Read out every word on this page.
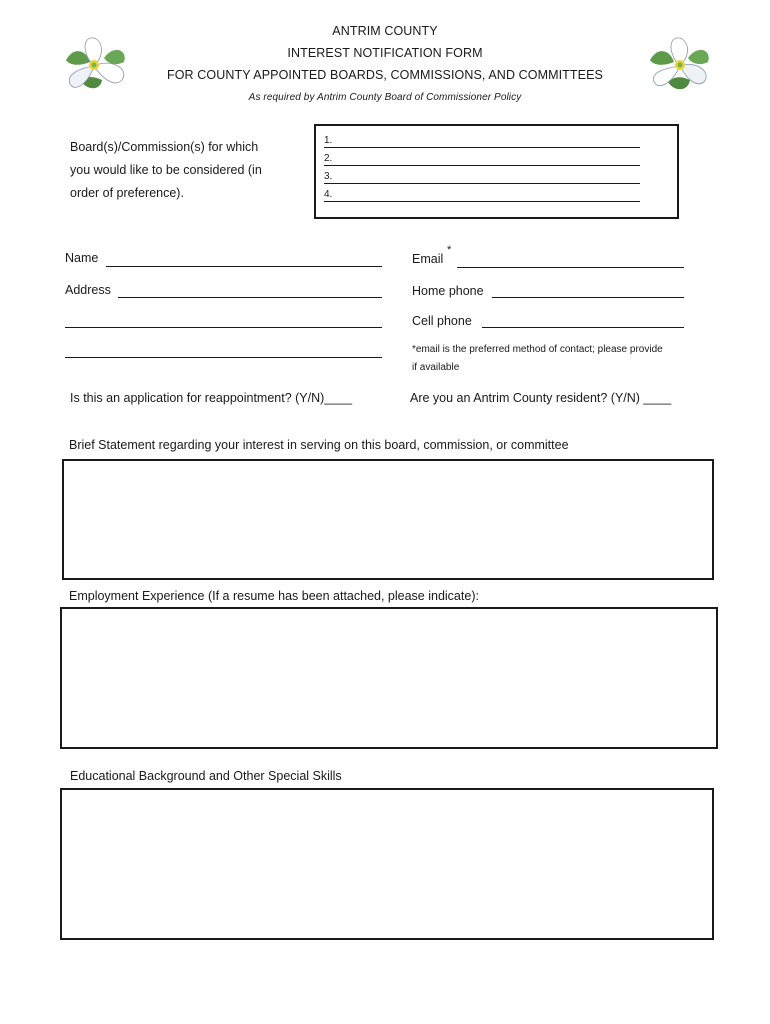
ANTRIM COUNTY
INTEREST NOTIFICATION FORM
FOR COUNTY APPOINTED BOARDS, COMMISSIONS, AND COMMITTEES
As required by Antrim County Board of Commissioner Policy
Board(s)/Commission(s) for which
you would like to be considered (in
order of preference).
1.
2.
3.
4.
Name
Address
Email
*
Home phone
Cell phone
*email is the preferred method of contact; please provide
if available
Is this an application for reappointment? (Y/N)____	Are you an Antrim County resident? (Y/N) ____
Brief Statement regarding your interest in serving on this board, commission, or committee
Employment Experience (If a resume has been attached, please indicate):
Educational Background and Other Special Skills
